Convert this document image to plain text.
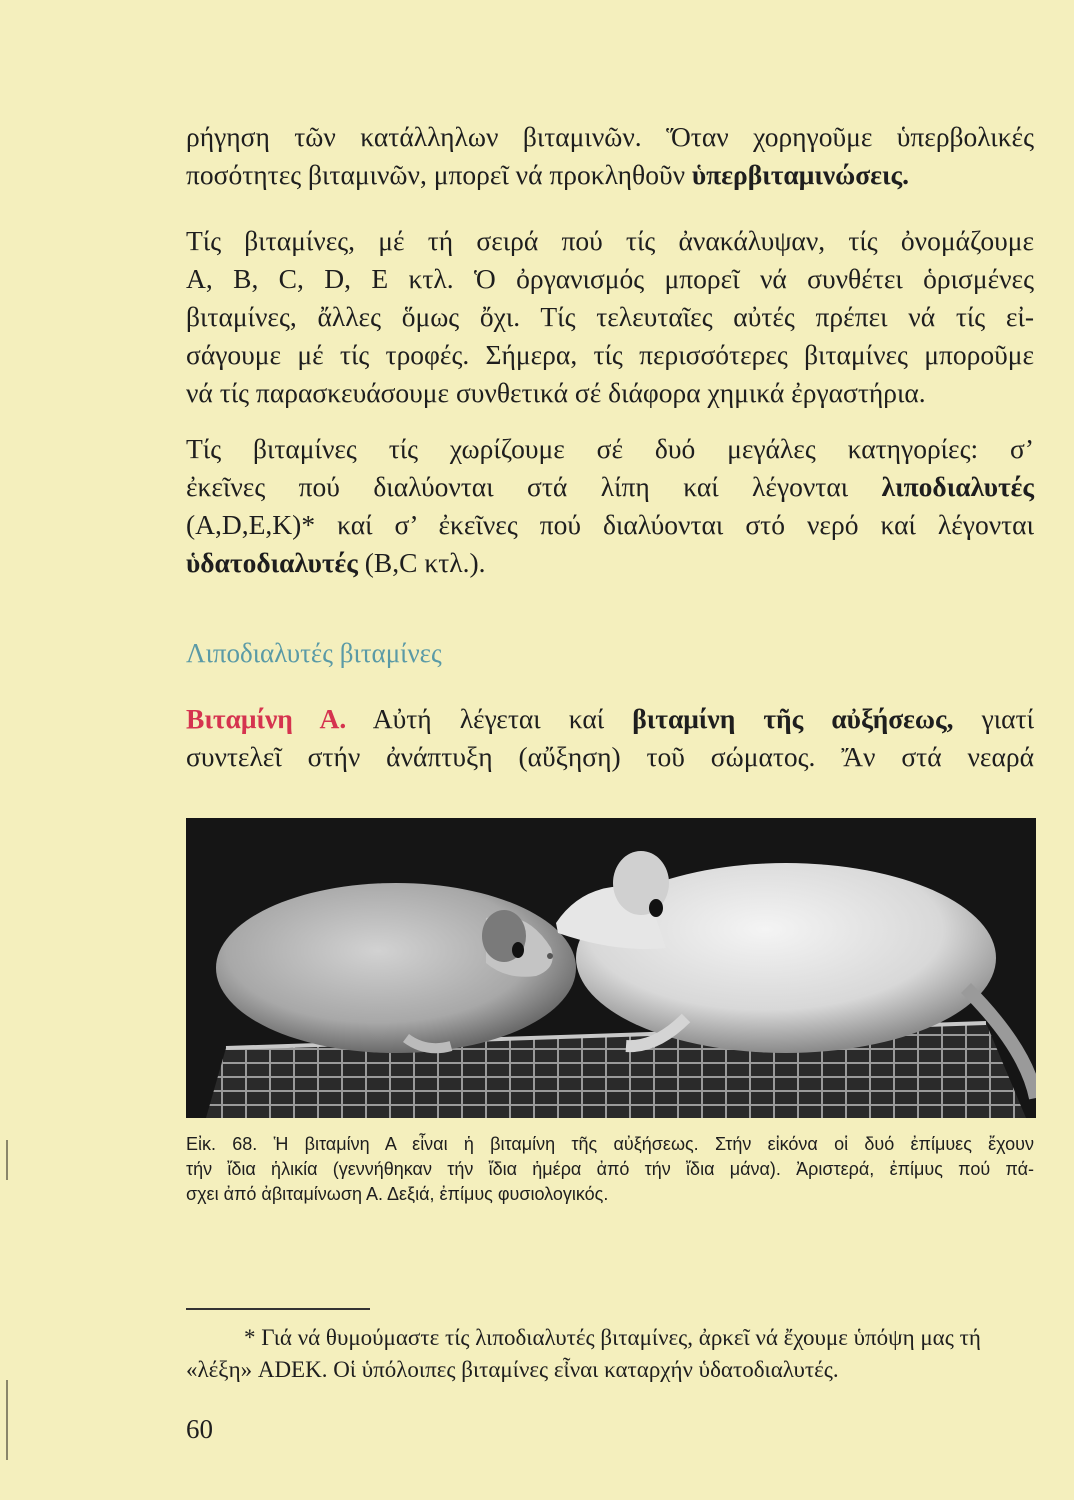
ρήγηση τῶν κατάλληλων βιταμινῶν. Ὅταν χορηγοῦμε ὑπερβολικές
ποσότητες βιταμινῶν, μπορεῖ νά προκληθοῦν ὑπερβιταμινώσεις.

Τίς βιταμίνες, μέ τή σειρά πού τίς ἀνακάλυψαν, τίς ὀνομάζουμε
A, B, C, D, E κτλ. Ὁ ὀργανισμός μπορεῖ νά συνθέτει ὁρισμένες
βιταμίνες, ἄλλες ὅμως ὄχι. Τίς τελευταῖες αὐτές πρέπει νά τίς εἰ-
σάγουμε μέ τίς τροφές. Σήμερα, τίς περισσότερες βιταμίνες μποροῦμε
νά τίς παρασκευάσουμε συνθετικά σέ διάφορα χημικά ἐργαστήρια.

Τίς βιταμίνες τίς χωρίζουμε σέ δυό μεγάλες κατηγορίες: σ’
ἐκεῖνες πού διαλύονται στά λίπη καί λέγονται λιποδιαλυτές
(A,D,E,K)* καί σ’ ἐκεῖνες πού διαλύονται στό νερό καί λέγονται
ὑδατοδιαλυτές (B,C κτλ.).

Λιποδιαλυτές βιταμίνες

Βιταμίνη Α. Αὐτή λέγεται καί βιταμίνη τῆς αὐξήσεως, γιατί
συντελεῖ στήν ἀνάπτυξη (αὔξηση) τοῦ σώματος. Ἄν στά νεαρά

Εἰκ. 68. Ἡ βιταμίνη Α εἶναι ἡ βιταμίνη τῆς αὐξήσεως. Στήν εἰκόνα οἱ δυό ἐπίμυες ἔχουν
τήν ἴδια ἡλικία (γεννήθηκαν τήν ἴδια ἡμέρα ἀπό τήν ἴδια μάνα). Ἀριστερά, ἐπίμυς πού πά-
σχει ἀπό ἀβιταμίνωση Α. Δεξιά, ἐπίμυς φυσιολογικός.

* Γιά νά θυμούμαστε τίς λιποδιαλυτές βιταμίνες, ἀρκεῖ νά ἔχουμε ὑπόψη μας τή
«λέξη» ADEK. Οἱ ὑπόλοιπες βιταμίνες εἶναι καταρχήν ὑδατοδιαλυτές.

60
